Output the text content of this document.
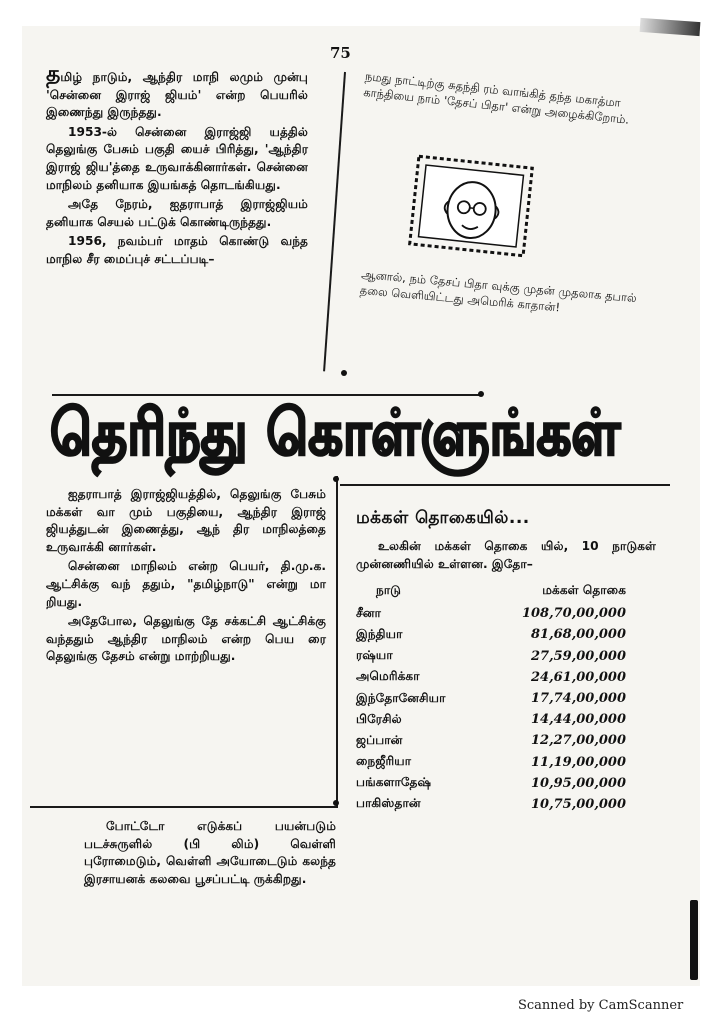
75

தமிழ் நாடும், ஆந்திர மாநி லமும் முன்பு 'சென்னை இராஜ் ஜியம்' என்ற பெயரில் இணைந்து இருந்தது.

1953-ல் சென்னை இராஜ்ஜி யத்தில் தெலுங்கு பேசும் பகுதி யைச் பிரித்து, 'ஆந்திர இராஜ் ஜிய'த்தை உருவாக்கினார்கள். சென்னை மாநிலம் தனியாக இயங்கத் தொடங்கியது.

அதே நேரம், ஐதராபாத் இராஜ்ஜியம் தனியாக செயல் பட்டுக் கொண்டிருந்தது.

1956, நவம்பர் மாதம் கொண்டு வந்த மாநில சீர மைப்புச் சட்டப்படி–

நமது நாட்டிற்கு சுதந்தி ரம் வாங்கித் தந்த மகாத்மா காந்தியை நாம் 'தேசப் பிதா' என்று அழைக்கிறோம்.
ஆனால், நம் தேசப் பிதா வுக்கு முதன் முதலாக தபால் தலை வெளியிட்டது அமெரிக் காதான்!
தெரிந்து கொள்ளுங்கள்

ஐதராபாத் இராஜ்ஜியத்தில், தெலுங்கு பேசும் மக்கள் வா மும் பகுதியை, ஆந்திர இராஜ் ஜியத்துடன் இணைத்து, ஆந் திர மாநிலத்தை உருவாக்கி னார்கள்.

சென்னை மாநிலம் என்ற பெயர், தி.மு.க. ஆட்சிக்கு வந் ததும், "தமிழ்நாடு" என்று மா றியது.

அதேபோல, தெலுங்கு தே சக்கட்சி ஆட்சிக்கு வந்ததும் ஆந்திர மாநிலம் என்ற பெய ரை தெலுங்கு தேசம் என்று மாற்றியது.

போட்டோ எடுக்கப் பயன்படும் படச்சுருளில் (பி லிம்) வெள்ளி புரோமைடும், வெள்ளி அயோடைடும் கலந்த இரசாயனக் கலவை பூசப்பட்டி ருக்கிறது.

மக்கள் தொகையில்...
உலகின் மக்கள் தொகை யில், 10 நாடுகள் முன்னணியில் உள்ளன. இதோ–
நாடு	மக்கள் தொகை
சீனா	108,70,00,000
இந்தியா	81,68,00,000
ரஷ்யா	27,59,00,000
அமெரிக்கா	24,61,00,000
இந்தோனேசியா	17,74,00,000
பிரேசில்	14,44,00,000
ஜப்பான்	12,27,00,000
நைஜீரியா	11,19,00,000
பங்களாதேஷ்	10,95,00,000
பாகிஸ்தான்	10,75,00,000
Scanned by CamScanner
